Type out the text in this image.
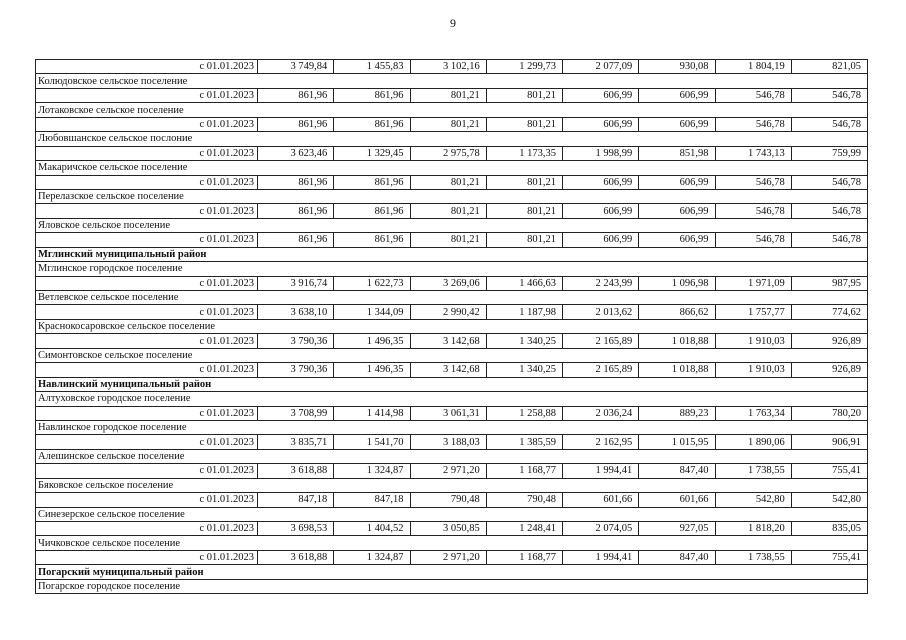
9
с 01.01.2023	3 749,84	1 455,83	3 102,16	1 299,73	2 077,09	930,08	1 804,19	821,05
Колюдовское сельское поселение								
с 01.01.2023	861,96	861,96	801,21	801,21	606,99	606,99	546,78	546,78
Лотаковское сельское поселение								
с 01.01.2023	861,96	861,96	801,21	801,21	606,99	606,99	546,78	546,78
Любовшанское сельское послоние								
с 01.01.2023	3 623,46	1 329,45	2 975,78	1 173,35	1 998,99	851,98	1 743,13	759,99
Макаричское сельское поселение								
с 01.01.2023	861,96	861,96	801,21	801,21	606,99	606,99	546,78	546,78
Перелазское сельское поселение								
с 01.01.2023	861,96	861,96	801,21	801,21	606,99	606,99	546,78	546,78
Яловское сельское поселение								
с 01.01.2023	861,96	861,96	801,21	801,21	606,99	606,99	546,78	546,78
Мглинский муниципальный район								
Мглинское городское поселение								
с 01.01.2023	3 916,74	1 622,73	3 269,06	1 466,63	2 243,99	1 096,98	1 971,09	987,95
Ветлевское сельское поселение								
с 01.01.2023	3 638,10	1 344,09	2 990,42	1 187,98	2 013,62	866,62	1 757,77	774,62
Краснокосаровское сельское поселение								
с 01.01.2023	3 790,36	1 496,35	3 142,68	1 340,25	2 165,89	1 018,88	1 910,03	926,89
Симонтовское сельское поселение								
с 01.01.2023	3 790,36	1 496,35	3 142,68	1 340,25	2 165,89	1 018,88	1 910,03	926,89
Навлинский муниципальный район								
Алтуховское городское поселение								
с 01.01.2023	3 708,99	1 414,98	3 061,31	1 258,88	2 036,24	889,23	1 763,34	780,20
Навлинское городское поселение								
с 01.01.2023	3 835,71	1 541,70	3 188,03	1 385,59	2 162,95	1 015,95	1 890,06	906,91
Алешинское сельское поселение								
с 01.01.2023	3 618,88	1 324,87	2 971,20	1 168,77	1 994,41	847,40	1 738,55	755,41
Бяковское сельское поселение								
с 01.01.2023	847,18	847,18	790,48	790,48	601,66	601,66	542,80	542,80
Синезерское сельское поселение								
с 01.01.2023	3 698,53	1 404,52	3 050,85	1 248,41	2 074,05	927,05	1 818,20	835,05
Чичковское сельское поселение								
с 01.01.2023	3 618,88	1 324,87	2 971,20	1 168,77	1 994,41	847,40	1 738,55	755,41
Погарский муниципальный район								
Погарское городское поселение								
